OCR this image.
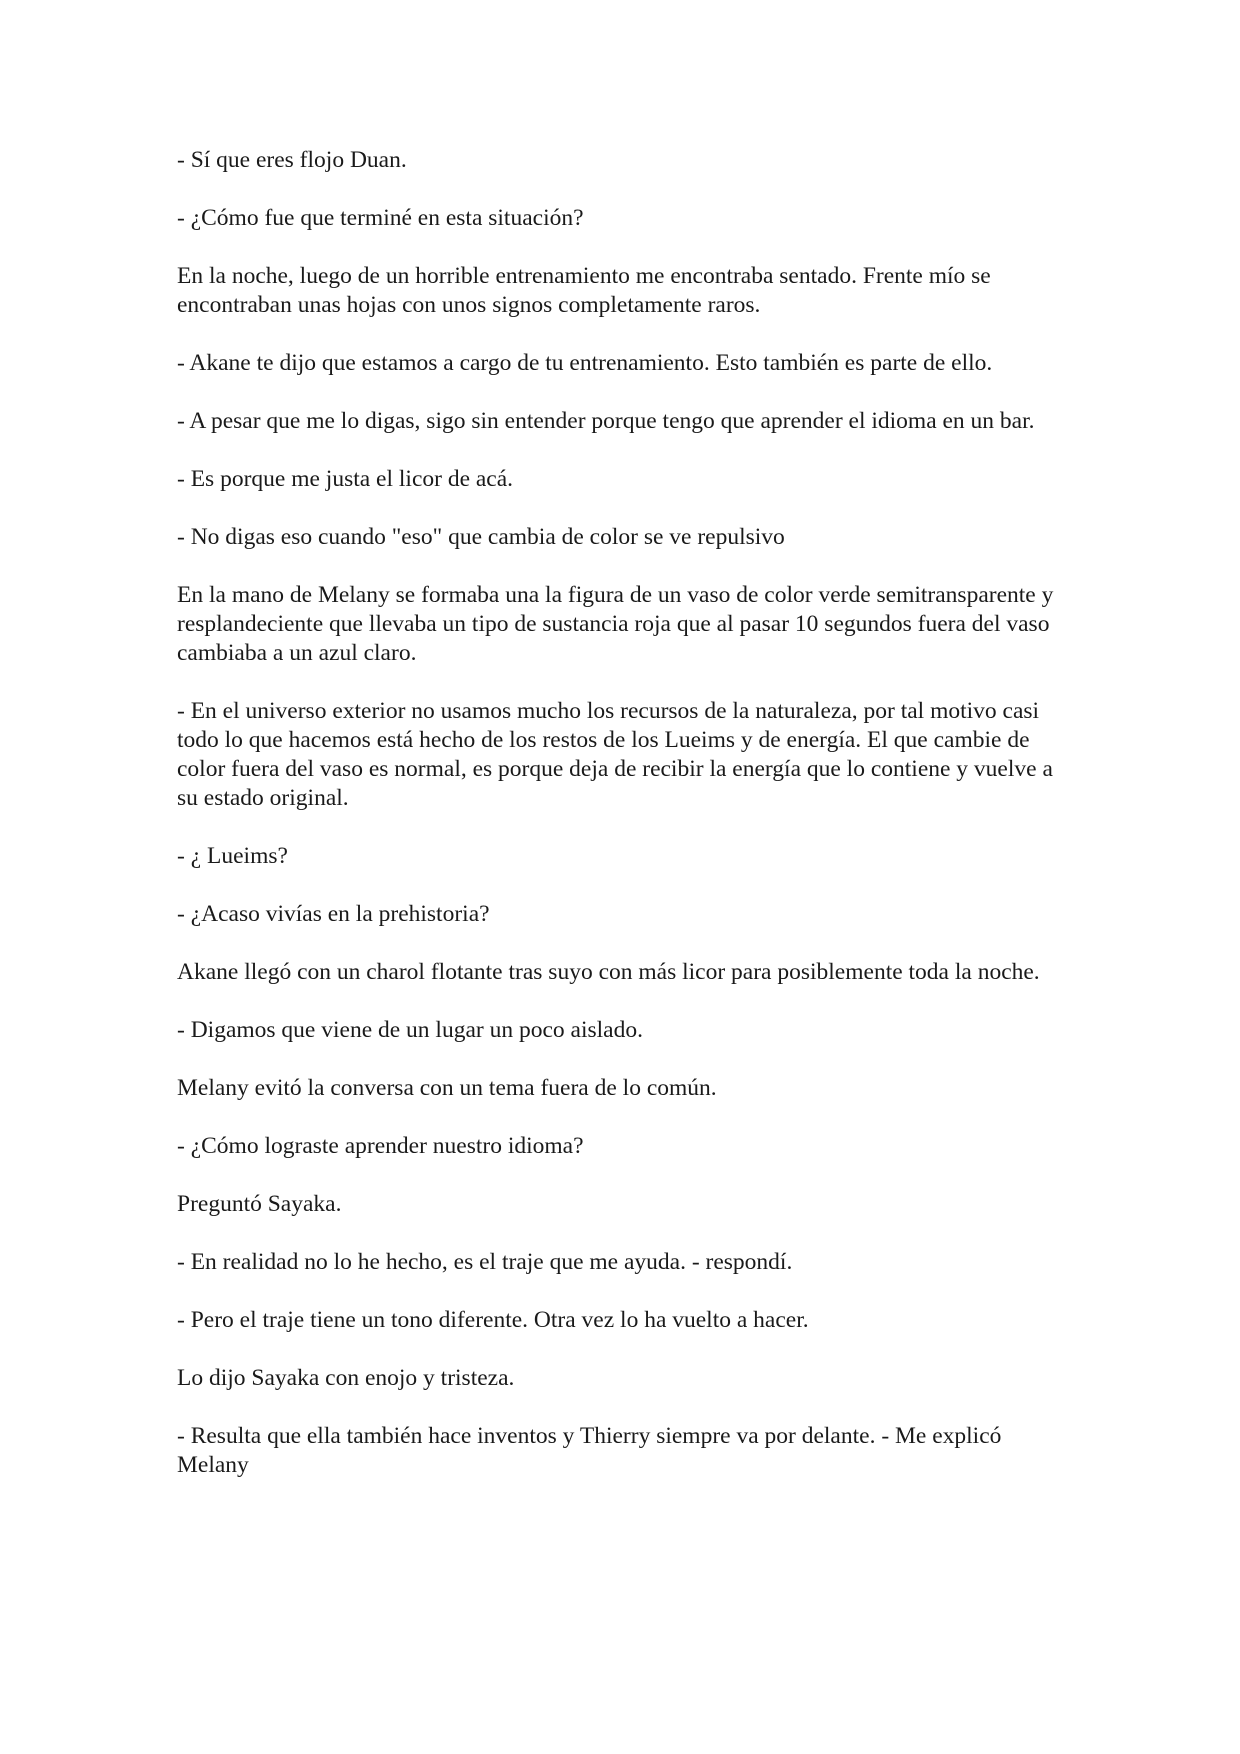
- Sí que eres flojo Duan.

- ¿Cómo fue que terminé en esta situación?

En la noche, luego de un horrible entrenamiento me encontraba sentado. Frente mío se encontraban unas hojas con unos signos completamente raros.

- Akane te dijo que estamos a cargo de tu entrenamiento. Esto también es parte de ello.

- A pesar que me lo digas, sigo sin entender porque tengo que aprender el idioma en un bar.

- Es porque me justa el licor de acá.

- No digas eso cuando "eso" que cambia de color se ve repulsivo

En la mano de Melany se formaba una la figura de un vaso de color verde semitransparente y resplandeciente que llevaba un tipo de sustancia roja que al pasar 10 segundos fuera del vaso cambiaba a un azul claro.

- En el universo exterior no usamos mucho los recursos de la naturaleza, por tal motivo casi todo lo que hacemos está hecho de los restos de los Lueims y de energía. El que cambie de color fuera del vaso es normal, es porque deja de recibir la energía que lo contiene y vuelve a su estado original.

- ¿ Lueims?

- ¿Acaso vivías en la prehistoria?

Akane llegó con un charol flotante tras suyo con más licor para posiblemente toda la noche.

- Digamos que viene de un lugar un poco aislado.

Melany evitó la conversa con un tema fuera de lo común.

- ¿Cómo lograste aprender nuestro idioma?

Preguntó Sayaka.

- En realidad no lo he hecho, es el traje que me ayuda. - respondí.

- Pero el traje tiene un tono diferente. Otra vez lo ha vuelto a hacer.

Lo dijo Sayaka con enojo y tristeza.

- Resulta que ella también hace inventos y Thierry siempre va por delante. - Me explicó Melany
